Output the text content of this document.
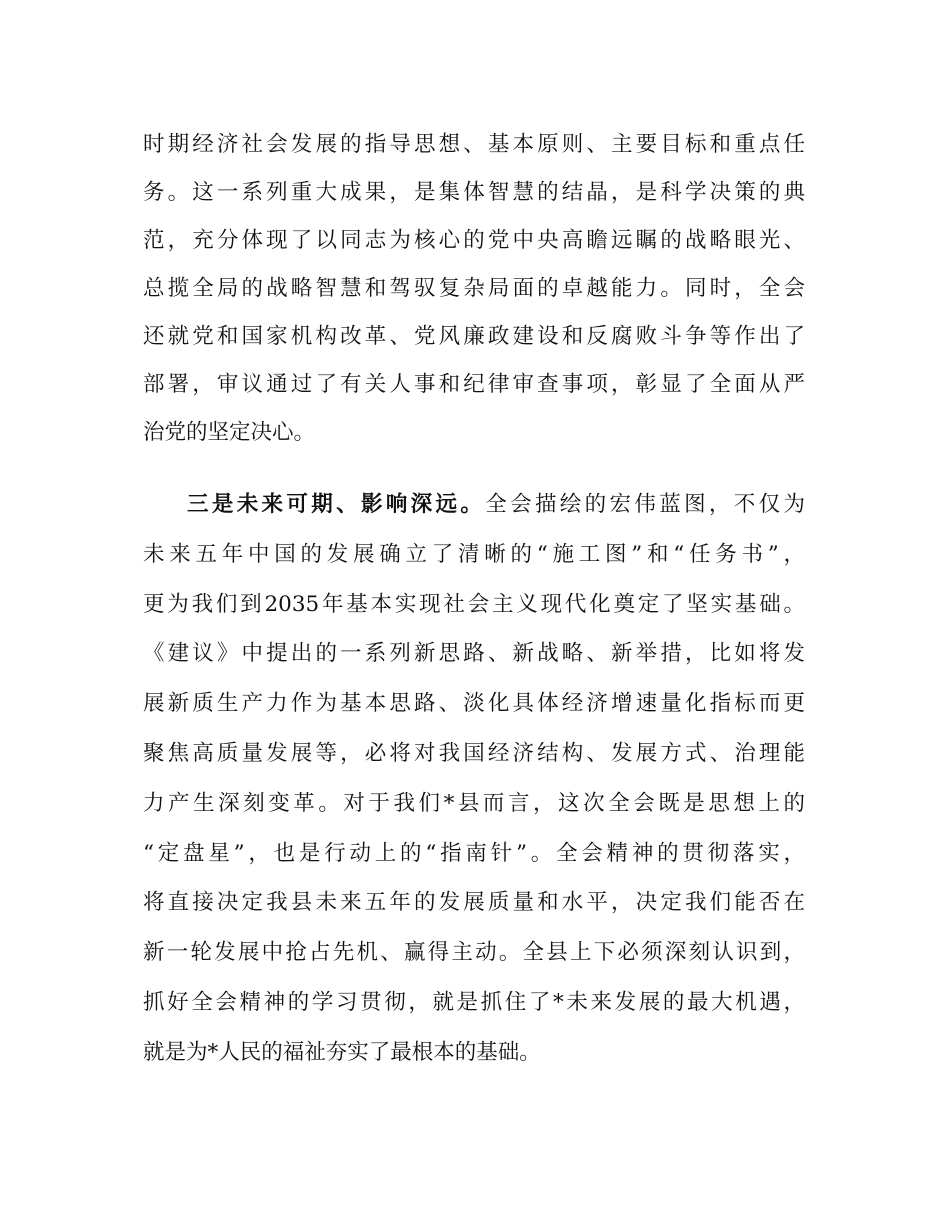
时期经济社会发展的指导思想、基本原则、主要目标和重点任
务。这一系列重大成果，是集体智慧的结晶，是科学决策的典
范，充分体现了以同志为核心的党中央高瞻远瞩的战略眼光、
总揽全局的战略智慧和驾驭复杂局面的卓越能力。同时，全会
还就党和国家机构改革、党风廉政建设和反腐败斗争等作出了
部署，审议通过了有关人事和纪律审查事项，彰显了全面从严
治党的坚定决心。
三是未来可期、影响深远。全会描绘的宏伟蓝图，不仅为
未来五年中国的发展确立了清晰的“施工图”和“任务书”，
更为我们到2035年基本实现社会主义现代化奠定了坚实基础。
《建议》中提出的一系列新思路、新战略、新举措，比如将发
展新质生产力作为基本思路、淡化具体经济增速量化指标而更
聚焦高质量发展等，必将对我国经济结构、发展方式、治理能
力产生深刻变革。对于我们*县而言，这次全会既是思想上的
“定盘星”，也是行动上的“指南针”。全会精神的贯彻落实，
将直接决定我县未来五年的发展质量和水平，决定我们能否在
新一轮发展中抢占先机、赢得主动。全县上下必须深刻认识到，
抓好全会精神的学习贯彻，就是抓住了*未来发展的最大机遇，
就是为*人民的福祉夯实了最根本的基础。
